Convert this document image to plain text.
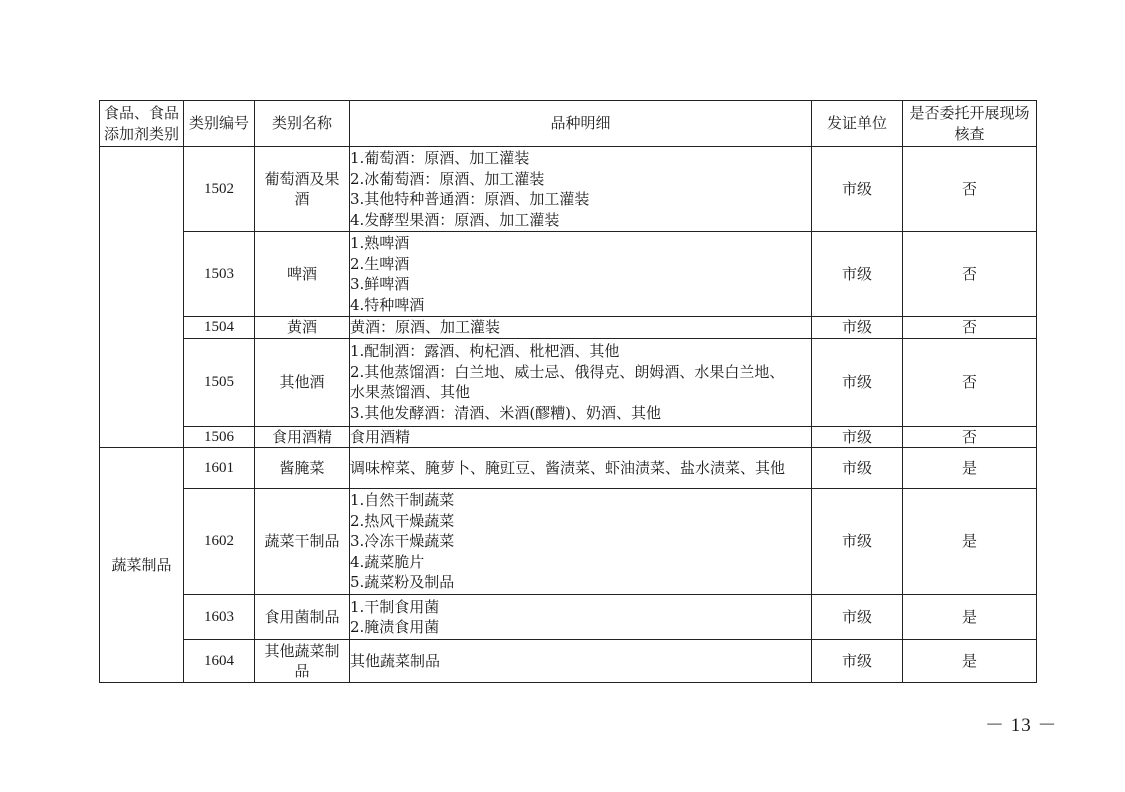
食品、食品
添加剂类别	类别编号	类别名称	品种明细	发证单位	是否委托开展现场
核查

	1502	葡萄酒及果
酒	1.葡萄酒：原酒、加工灌装
2.冰葡萄酒：原酒、加工灌装
3.其他特种普通酒：原酒、加工灌装
4.发酵型果酒：原酒、加工灌装	市级	否
	1503	啤酒	1.熟啤酒
2.生啤酒
3.鲜啤酒
4.特种啤酒	市级	否
	1504	黄酒	黄酒：原酒、加工灌装	市级	否
	1505	其他酒	1.配制酒：露酒、枸杞酒、枇杷酒、其他
2.其他蒸馏酒：白兰地、威士忌、俄得克、朗姆酒、水果白兰地、
水果蒸馏酒、其他
3.其他发酵酒：清酒、米酒(醪糟)、奶酒、其他	市级	否
	1506	食用酒精	食用酒精	市级	否
蔬菜制品	1601	酱腌菜	调味榨菜、腌萝卜、腌豇豆、酱渍菜、虾油渍菜、盐水渍菜、其他	市级	是
	1602	蔬菜干制品	1.自然干制蔬菜
2.热风干燥蔬菜
3.冷冻干燥蔬菜
4.蔬菜脆片
5.蔬菜粉及制品	市级	是
	1603	食用菌制品	1.干制食用菌
2.腌渍食用菌	市级	是
	1604	其他蔬菜制
品	其他蔬菜制品	市级	是
－ 13 －
